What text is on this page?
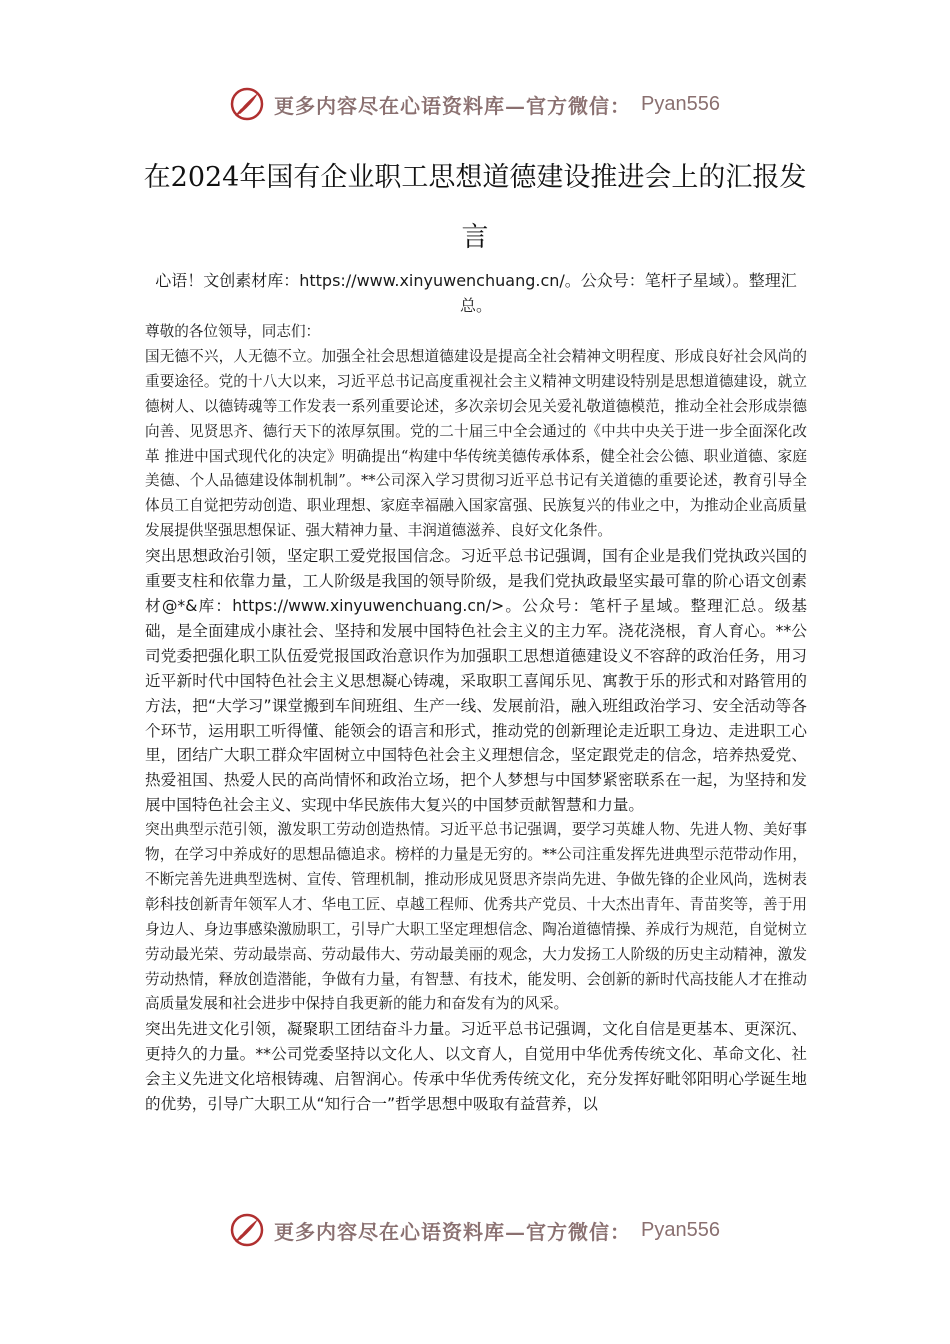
更多内容尽在心语资料库—官方微信： Pyan556
在2024年国有企业职工思想道德建设推进会上的汇报发言

心语！文创素材库：https://www.xinyuwenchuang.cn/。公众号：笔杆子星域）。整理汇总。

尊敬的各位领导，同志们：

国无德不兴，人无德不立。加强全社会思想道德建设是提高全社会精神文明程度、形成良好社会风尚的重要途径。党的十八大以来，习近平总书记高度重视社会主义精神文明建设特别是思想道德建设，就立德树人、以德铸魂等工作发表一系列重要论述，多次亲切会见关爱礼敬道德模范，推动全社会形成崇德向善、见贤思齐、德行天下的浓厚氛围。党的二十届三中全会通过的《中共中央关于进一步全面深化改革 推进中国式现代化的决定》明确提出“构建中华传统美德传承体系，健全社会公德、职业道德、家庭美德、个人品德建设体制机制”。**公司深入学习贯彻习近平总书记有关道德的重要论述，教育引导全体员工自觉把劳动创造、职业理想、家庭幸福融入国家富强、民族复兴的伟业之中，为推动企业高质量发展提供坚强思想保证、强大精神力量、丰润道德滋养、良好文化条件。

突出思想政治引领，坚定职工爱党报国信念。习近平总书记强调，国有企业是我们党执政兴国的重要支柱和依靠力量，工人阶级是我国的领导阶级，是我们党执政最坚实最可靠的阶心语文创素材@*&库：https://www.xinyuwenchuang.cn/>。公众号：笔杆子星域。整理汇总。级基础，是全面建成小康社会、坚持和发展中国特色社会主义的主力军。浇花浇根，育人育心。**公司党委把强化职工队伍爱党报国政治意识作为加强职工思想道德建设义不容辞的政治任务，用习近平新时代中国特色社会主义思想凝心铸魂，采取职工喜闻乐见、寓教于乐的形式和对路管用的方法，把“大学习”课堂搬到车间班组、生产一线、发展前沿，融入班组政治学习、安全活动等各个环节，运用职工听得懂、能领会的语言和形式，推动党的创新理论走近职工身边、走进职工心里，团结广大职工群众牢固树立中国特色社会主义理想信念，坚定跟党走的信念，培养热爱党、热爱祖国、热爱人民的高尚情怀和政治立场，把个人梦想与中国梦紧密联系在一起，为坚持和发展中国特色社会主义、实现中华民族伟大复兴的中国梦贡献智慧和力量。

突出典型示范引领，激发职工劳动创造热情。习近平总书记强调，要学习英雄人物、先进人物、美好事物，在学习中养成好的思想品德追求。榜样的力量是无穷的。**公司注重发挥先进典型示范带动作用，不断完善先进典型选树、宣传、管理机制，推动形成见贤思齐崇尚先进、争做先锋的企业风尚，选树表彰科技创新青年领军人才、华电工匠、卓越工程师、优秀共产党员、十大杰出青年、青苗奖等，善于用身边人、身边事感染激励职工，引导广大职工坚定理想信念、陶冶道德情操、养成行为规范，自觉树立劳动最光荣、劳动最崇高、劳动最伟大、劳动最美丽的观念，大力发扬工人阶级的历史主动精神，激发劳动热情，释放创造潜能，争做有力量，有智慧、有技术，能发明、会创新的新时代高技能人才在推动高质量发展和社会进步中保持自我更新的能力和奋发有为的风采。

突出先进文化引领，凝聚职工团结奋斗力量。习近平总书记强调，文化自信是更基本、更深沉、更持久的力量。**公司党委坚持以文化人、以文育人，自觉用中华优秀传统文化、革命文化、社会主义先进文化培根铸魂、启智润心。传承中华优秀传统文化，充分发挥好毗邻阳明心学诞生地的优势，引导广大职工从“知行合一”哲学思想中吸取有益营养，以

更多内容尽在心语资料库—官方微信： Pyan556
